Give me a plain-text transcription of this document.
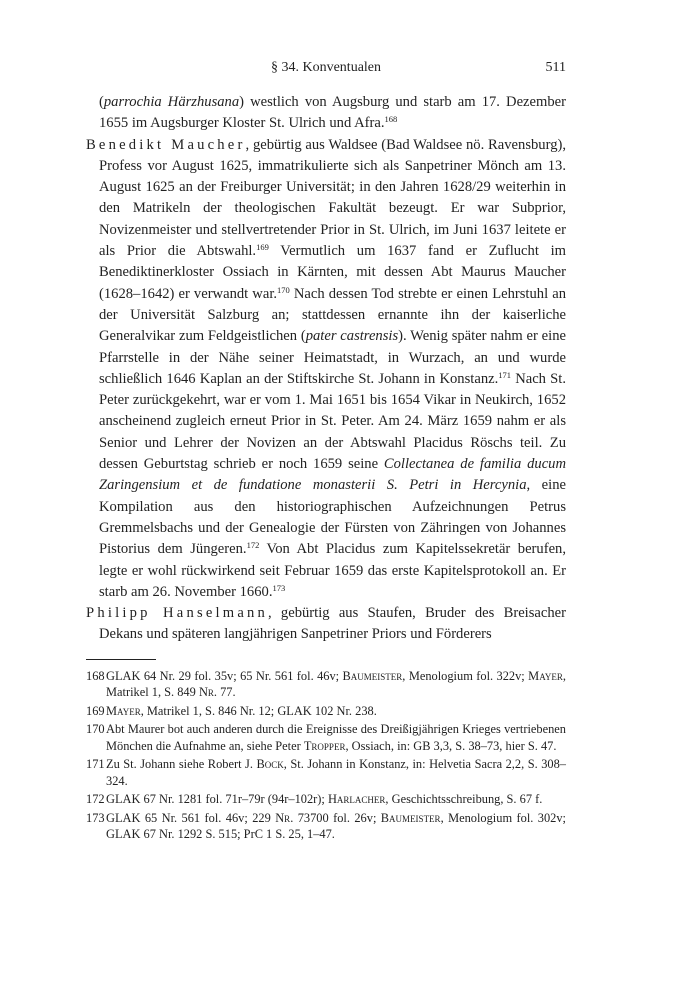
§ 34. Konventualen	511

(parrochia Härzhusana) westlich von Augsburg und starb am 17. Dezember 1655 im Augsburger Kloster St. Ulrich und Afra.$^{168}$

Benedikt Maucher, gebürtig aus Waldsee (Bad Waldsee nö. Ravensburg), Profess vor August 1625, immatrikulierte sich als Sanpetriner Mönch am 13. August 1625 an der Freiburger Universität; in den Jahren 1628/29 weiterhin in den Matrikeln der theologischen Fakultät bezeugt. Er war Subprior, Novizenmeister und stellvertretender Prior in St. Ulrich, im Juni 1637 leitete er als Prior die Abtswahl.$^{169}$ Vermutlich um 1637 fand er Zuflucht im Benediktinerkloster Ossiach in Kärnten, mit dessen Abt Maurus Maucher (1628–1642) er verwandt war.$^{170}$ Nach dessen Tod strebte er einen Lehrstuhl an der Universität Salzburg an; stattdessen ernannte ihn der kaiserliche Generalvikar zum Feldgeistlichen (pater castrensis). Wenig später nahm er eine Pfarrstelle in der Nähe seiner Heimatstadt, in Wurzach, an und wurde schließlich 1646 Kaplan an der Stiftskirche St. Johann in Konstanz.$^{171}$ Nach St. Peter zurückgekehrt, war er vom 1. Mai 1651 bis 1654 Vikar in Neukirch, 1652 anscheinend zugleich erneut Prior in St. Peter. Am 24. März 1659 nahm er als Senior und Lehrer der Novizen an der Abtswahl Placidus Röschs teil. Zu dessen Geburtstag schrieb er noch 1659 seine Collectanea de familia ducum Zaringensium et de fundatione monasterii S. Petri in Hercynia, eine Kompilation aus den historiographischen Aufzeichnungen Petrus Gremmelsbachs und der Genealogie der Fürsten von Zähringen von Johannes Pistorius dem Jüngeren.$^{172}$ Von Abt Placidus zum Kapitelssekretär berufen, legte er wohl rückwirkend seit Februar 1659 das erste Kapitelsprotokoll an. Er starb am 26. November 1660.$^{173}$

Philipp Hanselmann, gebürtig aus Staufen, Bruder des Breisacher Dekans und späteren langjährigen Sanpetriner Priors und Förderers

168 GLAK 64 Nr. 29 fol. 35v; 65 Nr. 561 fol. 46v; Baumeister, Menologium fol. 322v; Mayer, Matrikel 1, S. 849 Nr. 77.

169 Mayer, Matrikel 1, S. 846 Nr. 12; GLAK 102 Nr. 238.

170 Abt Maurer bot auch anderen durch die Ereignisse des Dreißigjährigen Krieges vertriebenen Mönchen die Aufnahme an, siehe Peter Tropper, Ossiach, in: GB 3,3, S. 38–73, hier S. 47.

171 Zu St. Johann siehe Robert J. Bock, St. Johann in Konstanz, in: Helvetia Sacra 2,2, S. 308–324.

172 GLAK 67 Nr. 1281 fol. 71r–79r (94r–102r); Harlacher, Geschichtsschreibung, S. 67 f.

173 GLAK 65 Nr. 561 fol. 46v; 229 Nr. 73700 fol. 26v; Baumeister, Menologium fol. 302v; GLAK 67 Nr. 1292 S. 515; PrC 1 S. 25, 1–47.
